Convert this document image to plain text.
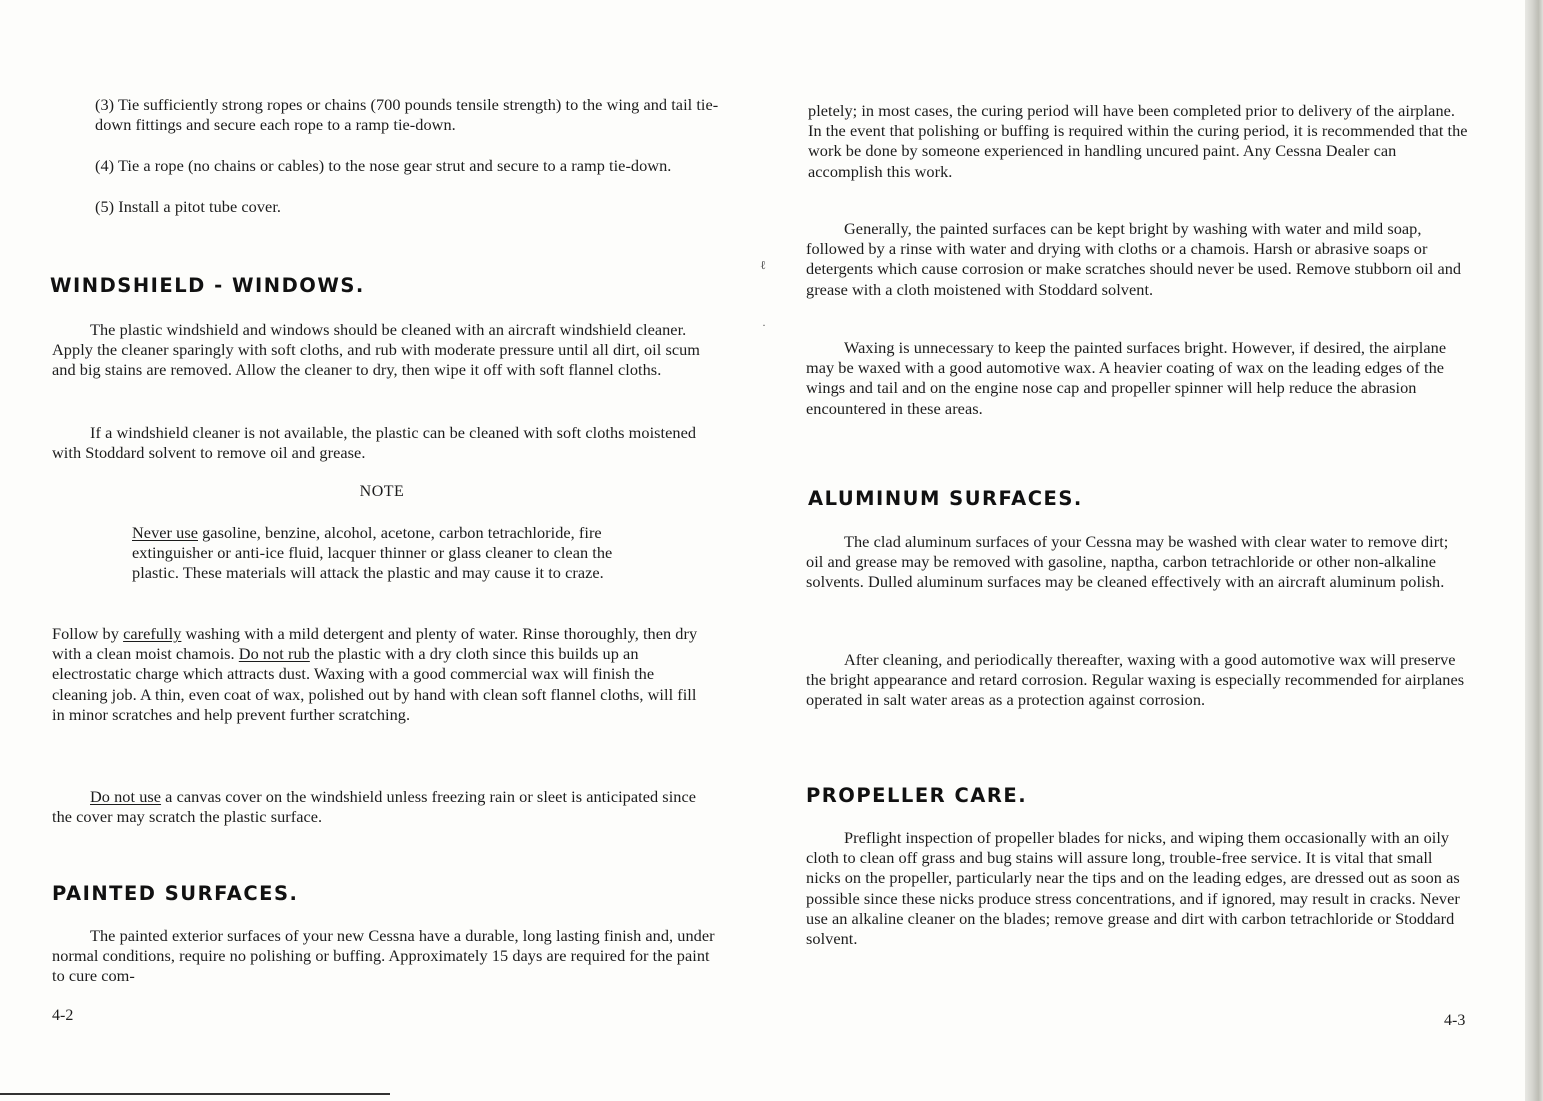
(3) Tie sufficiently strong ropes or chains (700 pounds tensile strength) to the wing and tail tie-down fittings and secure each rope to a ramp tie-down.

(4) Tie a rope (no chains or cables) to the nose gear strut and secure to a ramp tie-down.

(5) Install a pitot tube cover.

WINDSHIELD - WINDOWS.

The plastic windshield and windows should be cleaned with an aircraft windshield cleaner. Apply the cleaner sparingly with soft cloths, and rub with moderate pressure until all dirt, oil scum and big stains are removed. Allow the cleaner to dry, then wipe it off with soft flannel cloths.

If a windshield cleaner is not available, the plastic can be cleaned with soft cloths moistened with Stoddard solvent to remove oil and grease.

NOTE

Never use gasoline, benzine, alcohol, acetone, carbon tetrachloride, fire extinguisher or anti-ice fluid, lacquer thinner or glass cleaner to clean the plastic. These materials will attack the plastic and may cause it to craze.

Follow by carefully washing with a mild detergent and plenty of water. Rinse thoroughly, then dry with a clean moist chamois. Do not rub the plastic with a dry cloth since this builds up an electrostatic charge which attracts dust. Waxing with a good commercial wax will finish the cleaning job. A thin, even coat of wax, polished out by hand with clean soft flannel cloths, will fill in minor scratches and help prevent further scratching.

Do not use a canvas cover on the windshield unless freezing rain or sleet is anticipated since the cover may scratch the plastic surface.

PAINTED SURFACES.

The painted exterior surfaces of your new Cessna have a durable, long lasting finish and, under normal conditions, require no polishing or buffing. Approximately 15 days are required for the paint to cure com-

4-2

pletely; in most cases, the curing period will have been completed prior to delivery of the airplane. In the event that polishing or buffing is required within the curing period, it is recommended that the work be done by someone experienced in handling uncured paint. Any Cessna Dealer can accomplish this work.

Generally, the painted surfaces can be kept bright by washing with water and mild soap, followed by a rinse with water and drying with cloths or a chamois. Harsh or abrasive soaps or detergents which cause corrosion or make scratches should never be used. Remove stubborn oil and grease with a cloth moistened with Stoddard solvent.

Waxing is unnecessary to keep the painted surfaces bright. However, if desired, the airplane may be waxed with a good automotive wax. A heavier coating of wax on the leading edges of the wings and tail and on the engine nose cap and propeller spinner will help reduce the abrasion encountered in these areas.

ALUMINUM SURFACES.

The clad aluminum surfaces of your Cessna may be washed with clear water to remove dirt; oil and grease may be removed with gasoline, naptha, carbon tetrachloride or other non-alkaline solvents. Dulled aluminum surfaces may be cleaned effectively with an aircraft aluminum polish.

After cleaning, and periodically thereafter, waxing with a good automotive wax will preserve the bright appearance and retard corrosion. Regular waxing is especially recommended for airplanes operated in salt water areas as a protection against corrosion.

PROPELLER CARE.

Preflight inspection of propeller blades for nicks, and wiping them occasionally with an oily cloth to clean off grass and bug stains will assure long, trouble-free service. It is vital that small nicks on the propeller, particularly near the tips and on the leading edges, are dressed out as soon as possible since these nicks produce stress concentrations, and if ignored, may result in cracks. Never use an alkaline cleaner on the blades; remove grease and dirt with carbon tetrachloride or Stoddard solvent.

4-3
ℓ
·
